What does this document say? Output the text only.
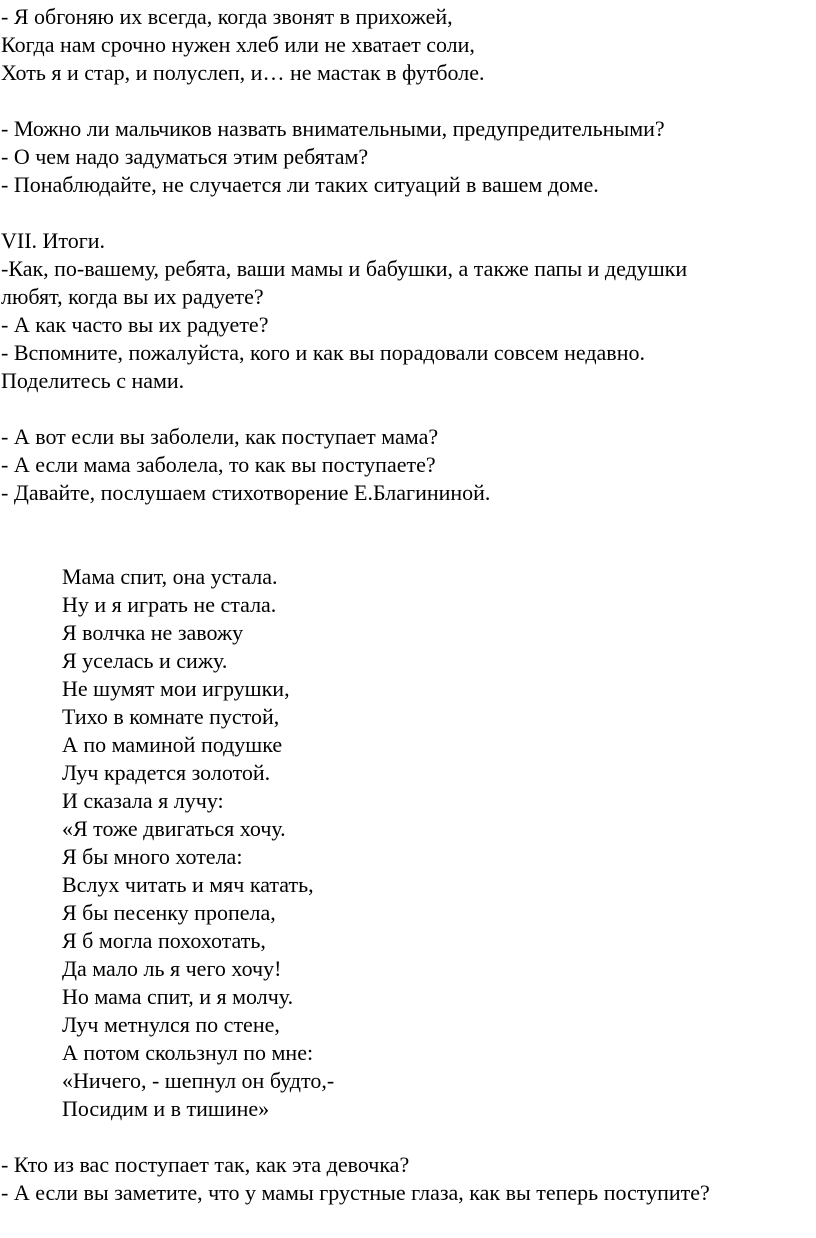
- Я обгоняю их всегда, когда звонят в прихожей,
Когда нам срочно нужен хлеб или не хватает соли,
Хоть я и стар, и полуслеп, и… не мастак в футболе.
- Можно ли мальчиков назвать внимательными, предупредительными?
- О чем надо задуматься этим ребятам?
- Понаблюдайте, не случается ли таких ситуаций в вашем доме.
VII. Итоги.
-Как, по-вашему, ребята, ваши мамы и бабушки, а также папы и дедушки
любят, когда вы их радуете?
- А как часто вы их радуете?
- Вспомните, пожалуйста, кого и как вы порадовали совсем недавно.
Поделитесь с нами.
- А вот если вы заболели, как поступает мама?
- А если мама заболела, то как вы поступаете?
- Давайте, послушаем стихотворение Е.Благининой.
Мама спит, она устала.
Ну и я играть не стала.
Я волчка не завожу
Я уселась и сижу.
Не шумят мои игрушки,
Тихо в комнате пустой,
А по маминой подушке
Луч крадется золотой.
И сказала я лучу:
«Я тоже двигаться хочу.
Я бы много хотела:
Вслух читать и мяч катать,
Я бы песенку пропела,
Я б могла похохотать,
Да мало ль я чего хочу!
Но мама спит, и я молчу.
Луч метнулся по стене,
А потом скользнул по мне:
«Ничего, - шепнул он будто,-
Посидим и в тишине»
- Кто из вас поступает так, как эта девочка?
- А если вы заметите, что у мамы грустные глаза, как вы теперь поступите?
